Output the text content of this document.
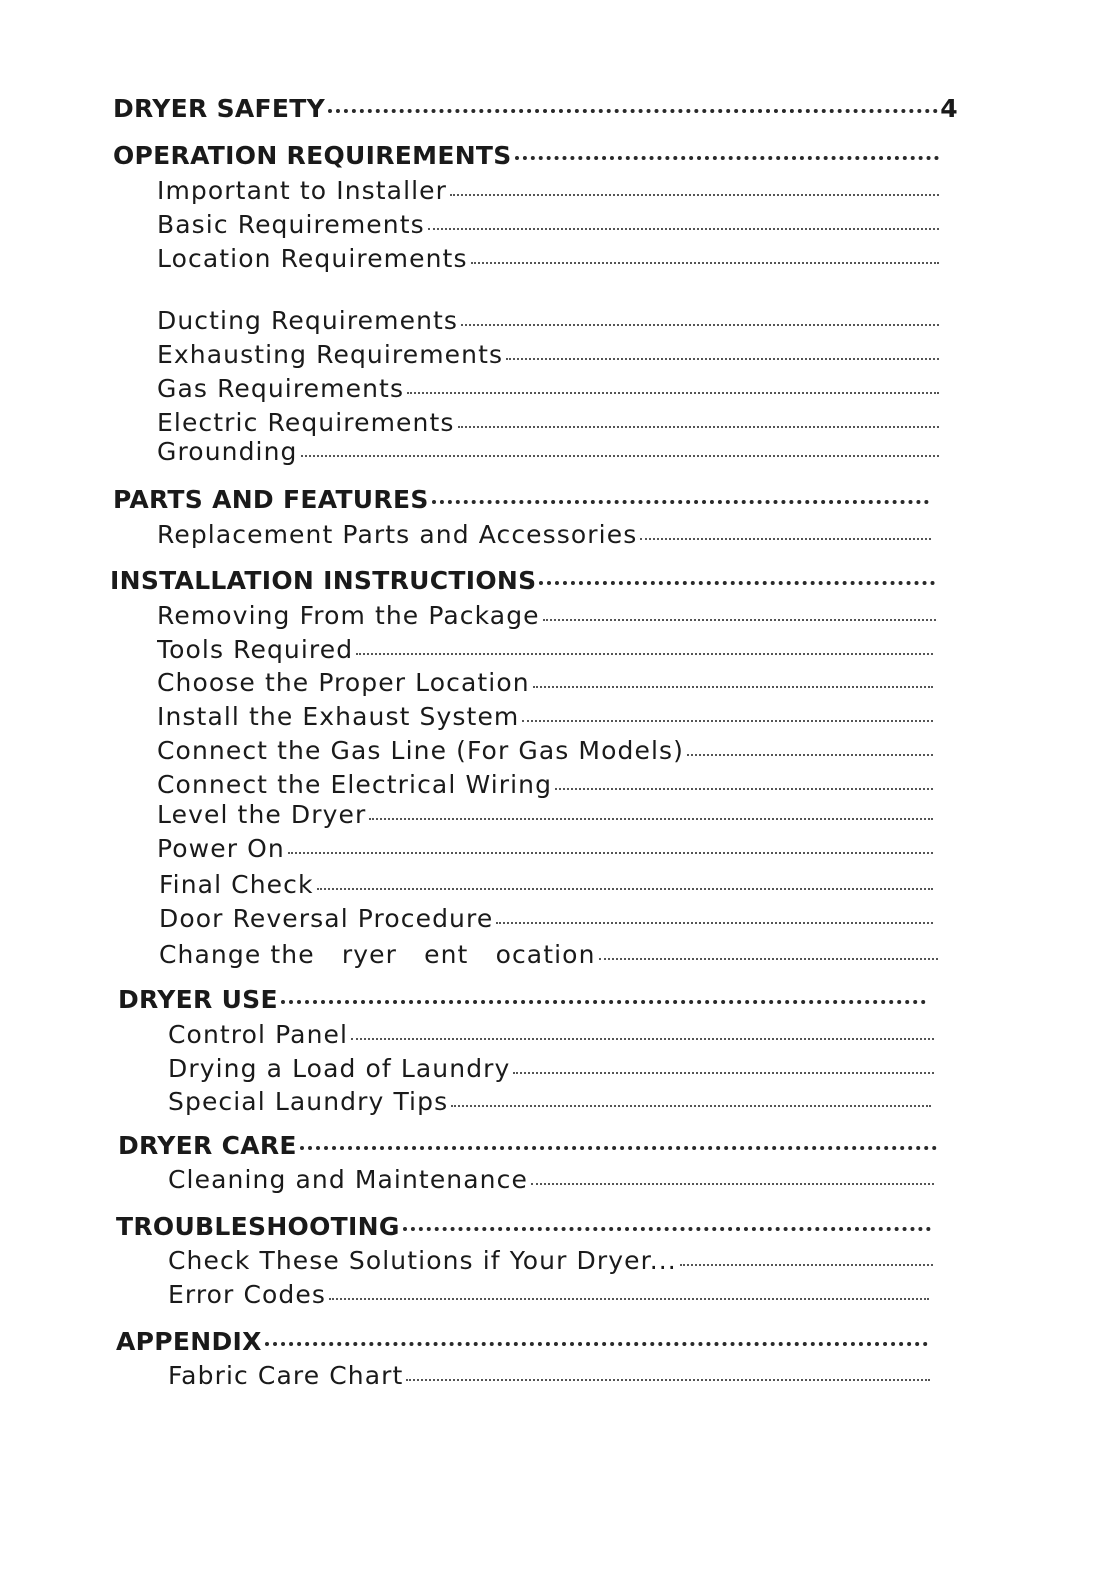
DRYER SAFETY	4
OPERATION REQUIREMENTS
Important to Installer
Basic Requirements
Location Requirements
Ducting Requirements
Exhausting Requirements
Gas Requirements
Electric Requirements
Grounding
PARTS AND FEATURES
Replacement Parts and Accessories
INSTALLATION INSTRUCTIONS
Removing From the Package
Tools Required
Choose the Proper Location
Install the Exhaust System
Connect the Gas Line (For Gas Models)
Connect the Electrical Wiring
Level the Dryer
Power On
Final Check
Door Reversal Procedure
Change the   ryer   ent   ocation
DRYER USE
Control Panel
Drying a Load of Laundry
Special Laundry Tips
DRYER CARE
Cleaning and Maintenance
TROUBLESHOOTING
Check These Solutions if Your Dryer...
Error Codes
APPENDIX
Fabric Care Chart
